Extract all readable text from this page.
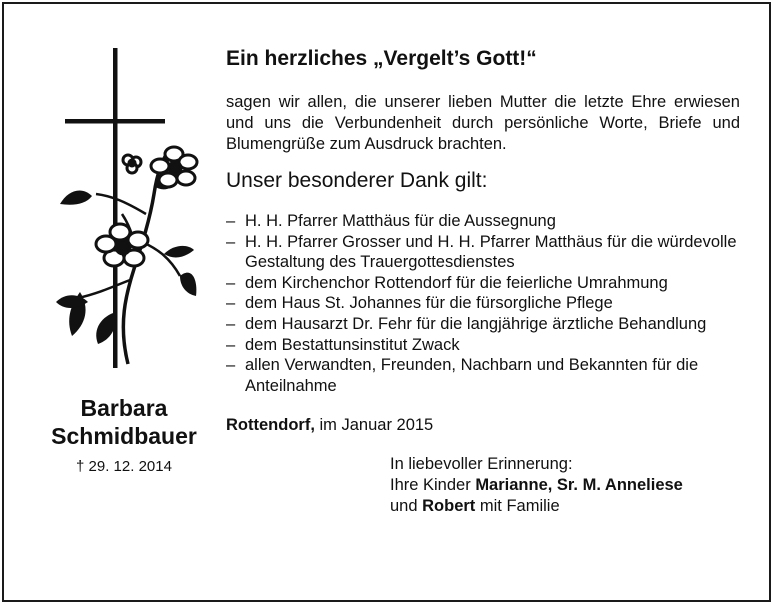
Barbara
Schmidbauer
† 29. 12. 2014
Ein herzliches „Vergelt’s Gott!“
sagen wir allen, die unserer lieben Mutter die letzte Ehre erwiesen und uns die Verbundenheit durch persönliche Worte, Briefe und Blumengrüße zum Ausdruck brachten.
Unser besonderer Dank gilt:
– H. H. Pfarrer Matthäus für die Aussegnung
– H. H. Pfarrer Grosser und H. H. Pfarrer Matthäus für die würdevolle Gestaltung des Trauergottesdienstes
– dem Kirchenchor Rottendorf für die feierliche Umrahmung
– dem Haus St. Johannes für die fürsorgliche Pflege
– dem Hausarzt Dr. Fehr für die langjährige ärztliche Behandlung
– dem Bestattunsinstitut Zwack
– allen Verwandten, Freunden, Nachbarn und Bekannten für die Anteilnahme
Rottendorf, im Januar 2015
In liebevoller Erinnerung:
Ihre Kinder Marianne, Sr. M. Anneliese
und Robert mit Familie
